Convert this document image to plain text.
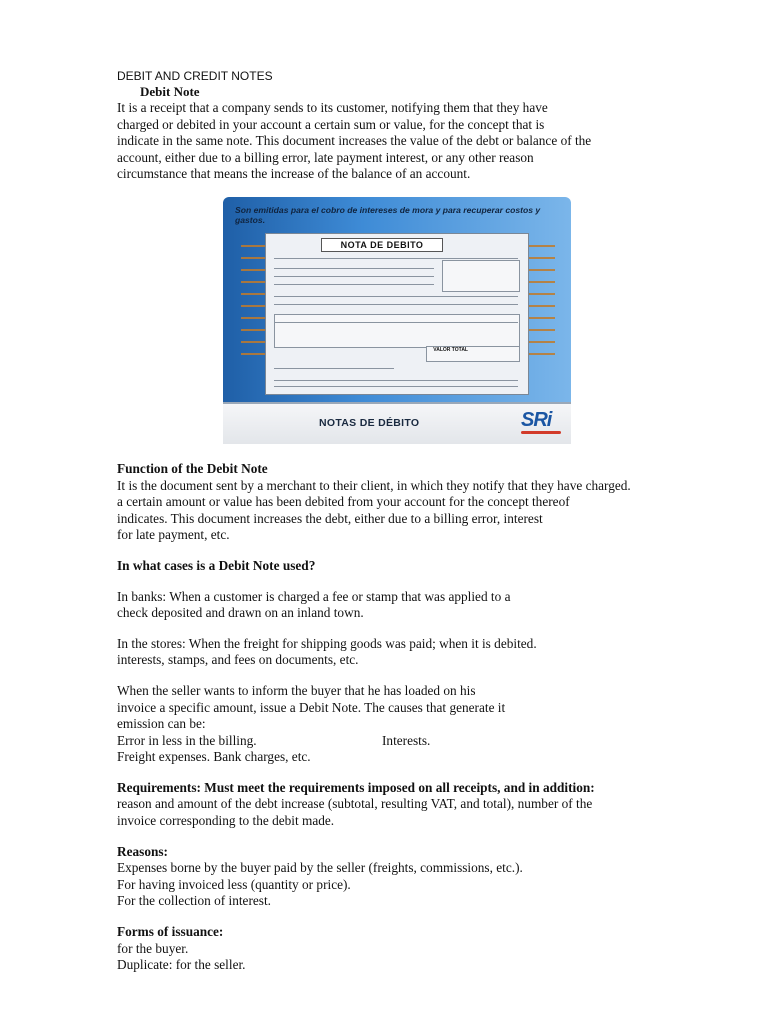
DEBIT AND CREDIT NOTES
Debit Note

It is a receipt that a company sends to its customer, notifying them that they have

charged or debited in your account a certain sum or value, for the concept that is

indicate in the same note. This document increases the value of the debt or balance of the

account, either due to a billing error, late payment interest, or any other reason

circumstance that means the increase of the balance of an account.

Son emitidas para el cobro de intereses de mora y para recuperar costos y gastos.
NOTA DE DEBITO
VALOR TOTAL
NOTAS DE DÉBITO	SRi
Function of the Debit Note

It is the document sent by a merchant to their client, in which they notify that they have charged.

a certain amount or value has been debited from your account for the concept thereof

indicates. This document increases the debt, either due to a billing error, interest

for late payment, etc.

In what cases is a Debit Note used?

In banks: When a customer is charged a fee or stamp that was applied to a

check deposited and drawn on an inland town.

In the stores: When the freight for shipping goods was paid; when it is debited.

interests, stamps, and fees on documents, etc.

When the seller wants to inform the buyer that he has loaded on his

invoice a specific amount, issue a Debit Note. The causes that generate it

emission can be:

Error in less in the billing.	Interests.

Freight expenses. Bank charges, etc.

Requirements: Must meet the requirements imposed on all receipts, and in addition:

reason and amount of the debt increase (subtotal, resulting VAT, and total), number of the

invoice corresponding to the debit made.

Reasons:

Expenses borne by the buyer paid by the seller (freights, commissions, etc.).

For having invoiced less (quantity or price).

For the collection of interest.

Forms of issuance:

for the buyer.

Duplicate: for the seller.
